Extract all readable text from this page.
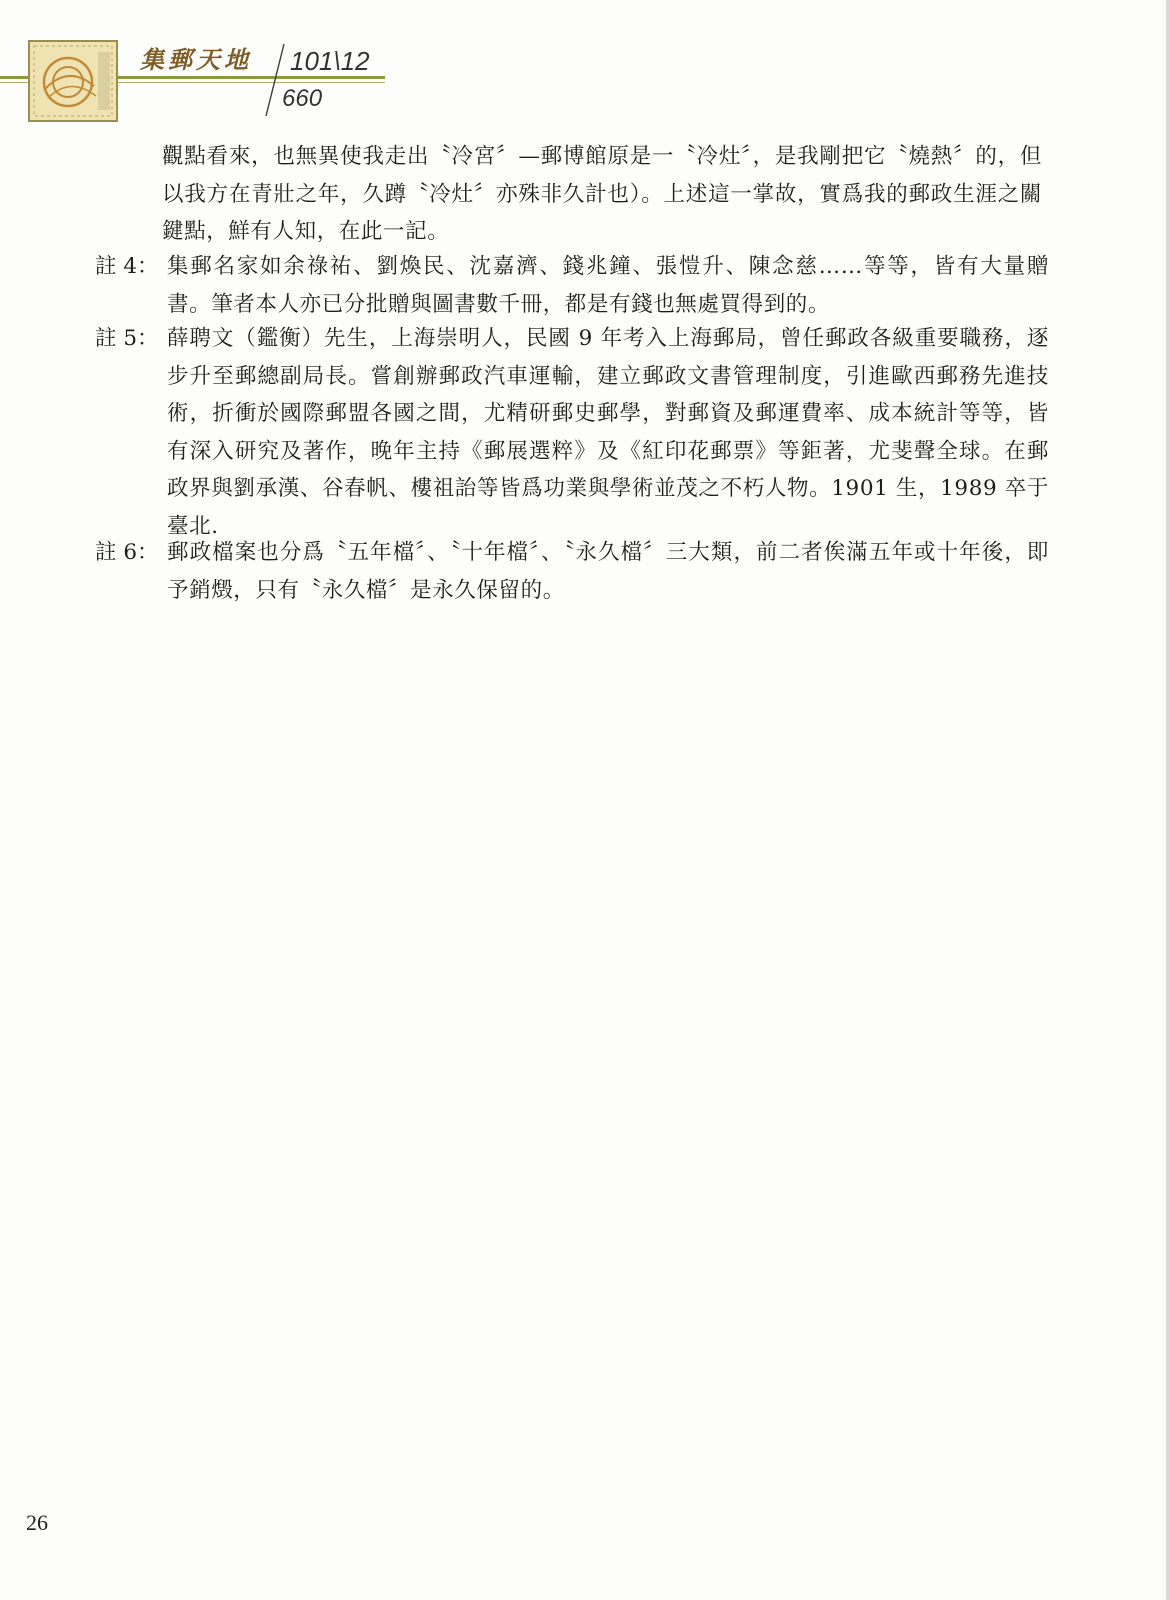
集郵天地	101\12
660
觀點看來，也無異使我走出〝冷宮〞—郵博館原是一〝冷灶〞，是我剛把它〝燒熱〞的，但以我方在青壯之年，久蹲〝冷灶〞亦殊非久計也）。上述這一掌故，實爲我的郵政生涯之關鍵點，鮮有人知，在此一記。
註 4： 集郵名家如余祿祐、劉煥民、沈嘉濟、錢兆鐘、張愷升、陳念慈……等等，皆有大量贈書。筆者本人亦已分批贈與圖書數千冊，都是有錢也無處買得到的。
註 5： 薛聘文（鑑衡）先生，上海崇明人，民國 9 年考入上海郵局，曾任郵政各級重要職務，逐步升至郵總副局長。嘗創辦郵政汽車運輸，建立郵政文書管理制度，引進歐西郵務先進技術，折衝於國際郵盟各國之間，尤精研郵史郵學，對郵資及郵運費率、成本統計等等，皆有深入研究及著作，晚年主持《郵展選粹》及《紅印花郵票》等鉅著，尤斐聲全球。在郵政界與劉承漢、谷春帆、樓祖詒等皆爲功業與學術並茂之不朽人物。1901 生，1989 卒于臺北.
註 6： 郵政檔案也分爲〝五年檔〞、〝十年檔〞、〝永久檔〞三大類，前二者俟滿五年或十年後，即予銷燬，只有〝永久檔〞是永久保留的。
26
